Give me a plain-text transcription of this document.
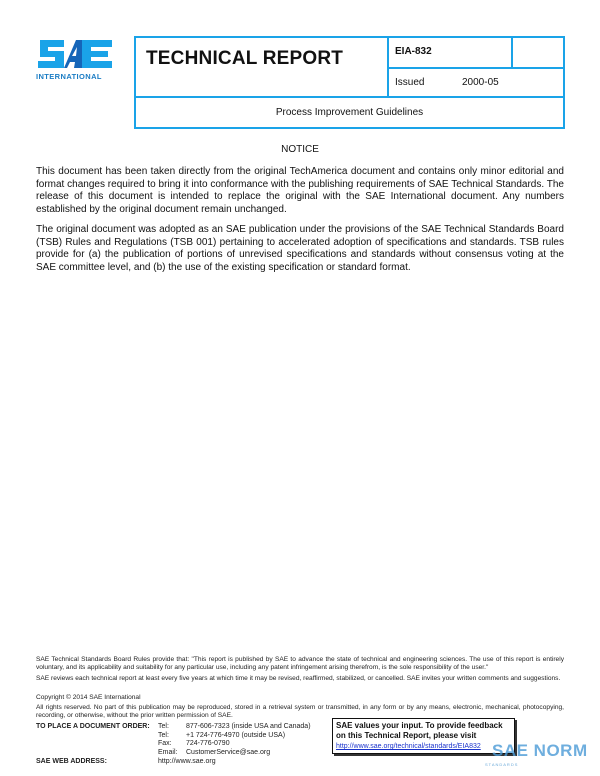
INTERNATIONAL
TECHNICAL REPORT	EIA-832
Issued	2000-05
Process Improvement Guidelines
NOTICE
This document has been taken directly from the original TechAmerica document and contains only minor editorial and format changes required to bring it into conformance with the publishing requirements of SAE Technical Standards. The release of this document is intended to replace the original with the SAE International document. Any numbers established by the original document remain unchanged.
The original document was adopted as an SAE publication under the provisions of the SAE Technical Standards Board (TSB) Rules and Regulations (TSB 001) pertaining to accelerated adoption of specifications and standards. TSB rules provide for (a) the publication of portions of unrevised specifications and standards without consensus voting at the SAE committee level, and (b) the use of the existing specification or standard format.
SAE Technical Standards Board Rules provide that: "This report is published by SAE to advance the state of technical and engineering sciences. The use of this report is entirely voluntary, and its applicability and suitability for any particular use, including any patent infringement arising therefrom, is the sole responsibility of the user."
SAE reviews each technical report at least every five years at which time it may be revised, reaffirmed, stabilized, or cancelled. SAE invites your written comments and suggestions.
Copyright © 2014 SAE International
All rights reserved. No part of this publication may be reproduced, stored in a retrieval system or transmitted, in any form or by any means, electronic, mechanical, photocopying, recording, or otherwise, without the prior written permission of SAE.
TO PLACE A DOCUMENT ORDER:
SAE WEB ADDRESS:
Tel: 877-606-7323 (inside USA and Canada)
Tel: +1 724-776-4970 (outside USA)
Fax: 724-776-0790
Email: CustomerService@sae.org
http://www.sae.org
SAE values your input. To provide feedback
on this Technical Report, please visit
http://www.sae.org/technical/standards/EIA832 SAE NORM
STANDARDS
